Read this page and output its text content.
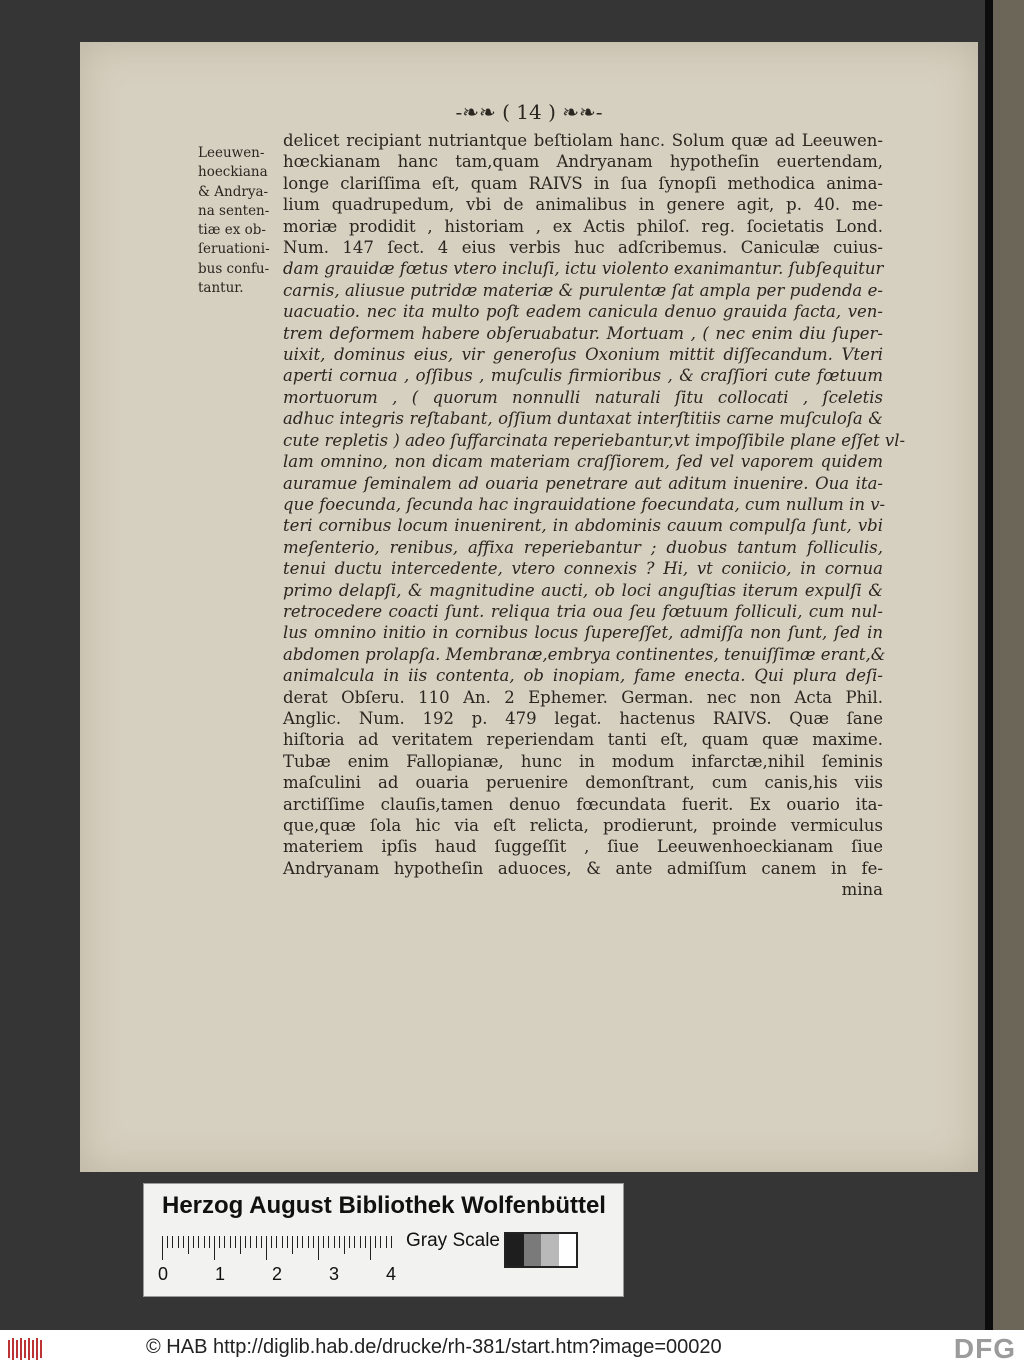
-❧❧ ( 14 ) ❧❧-
Leeuwen-
hoeckiana
& Andrya-
na senten-
tiæ ex ob-
ſeruationi-
bus confu-
tantur.
delicet recipiant nutriantque beſtiolam hanc. Solum quæ ad Leeuwen-
hœckianam hanc tam,quam Andryanam hypotheſin euertendam,
longe clariſſima eſt, quam RAIVS in ſua ſynopſi methodica anima-
lium quadrupedum, vbi de animalibus in genere agit, p. 40. me-
moriæ prodidit , historiam , ex Actis philoſ. reg. ſocietatis Lond.
Num. 147 ſect. 4 eius verbis huc adſcribemus. Caniculæ cuius-
dam grauidæ fœtus vtero incluſi, ictu violento exanimantur. ſubſequitur
carnis, aliusue putridæ materiæ & purulentæ ſat ampla per pudenda e-
uacuatio. nec ita multo poſt eadem canicula denuo grauida facta, ven-
trem deformem habere obſeruabatur. Mortuam , ( nec enim diu ſuper-
uixit, dominus eius, vir generoſus Oxonium mittit diſſecandum. Vteri
aperti cornua , oſſibus , muſculis firmioribus , & craſſiori cute fœtuum
mortuorum , ( quorum nonnulli naturali ſitu collocati , ſceletis
adhuc integris reſtabant, oſſium duntaxat interſtitiis carne muſculoſa &
cute repletis ) adeo ſuffarcinata reperiebantur,vt impoſſibile plane eſſet vl-
lam omnino, non dicam materiam craſſiorem, ſed vel vaporem quidem
auramue ſeminalem ad ouaria penetrare aut aditum inuenire. Oua ita-
que foecunda, ſecunda hac ingrauidatione foecundata, cum nullum in v-
teri cornibus locum inuenirent, in abdominis cauum compulſa ſunt, vbi
meſenterio, renibus, affixa reperiebantur ; duobus tantum folliculis,
tenui ductu intercedente, vtero connexis ? Hi, vt coniicio, in cornua
primo delapſi, & magnitudine aucti, ob loci anguſtias iterum expulſi &
retrocedere coacti ſunt. reliqua tria oua ſeu fœtuum folliculi, cum nul-
lus omnino initio in cornibus locus ſupereſſet, admiſſa non ſunt, ſed in
abdomen prolapſa. Membranæ,embrya continentes, tenuiſſimæ erant,&
animalcula in iis contenta, ob inopiam, fame enecta. Qui plura deſi-
derat Obſeru. 110 An. 2 Ephemer. German. nec non Acta Phil.
Anglic. Num. 192 p. 479 legat. hactenus RAIVS. Quæ ſane
hiſtoria ad veritatem reperiendam tanti eſt, quam quæ maxime.
Tubæ enim Fallopianæ, hunc in modum infarctæ,nihil ſeminis
maſculini ad ouaria peruenire demonſtrant, cum canis,his viis
arctiſſime clauſis,tamen denuo fœcundata fuerit. Ex ouario ita-
que,quæ ſola hic via eſt relicta, prodierunt, proinde vermiculus
materiem ipſis haud ſuggeſſit , ſiue Leeuwenhoeckianam ſiue
Andryanam hypotheſin aduoces, & ante admiſſum canem in fe-
mina
Herzog August Bibliothek Wolfenbüttel
0	1	2	3	4
Gray Scale
© HAB http://diglib.hab.de/drucke/rh-381/start.htm?image=00020	DFG
